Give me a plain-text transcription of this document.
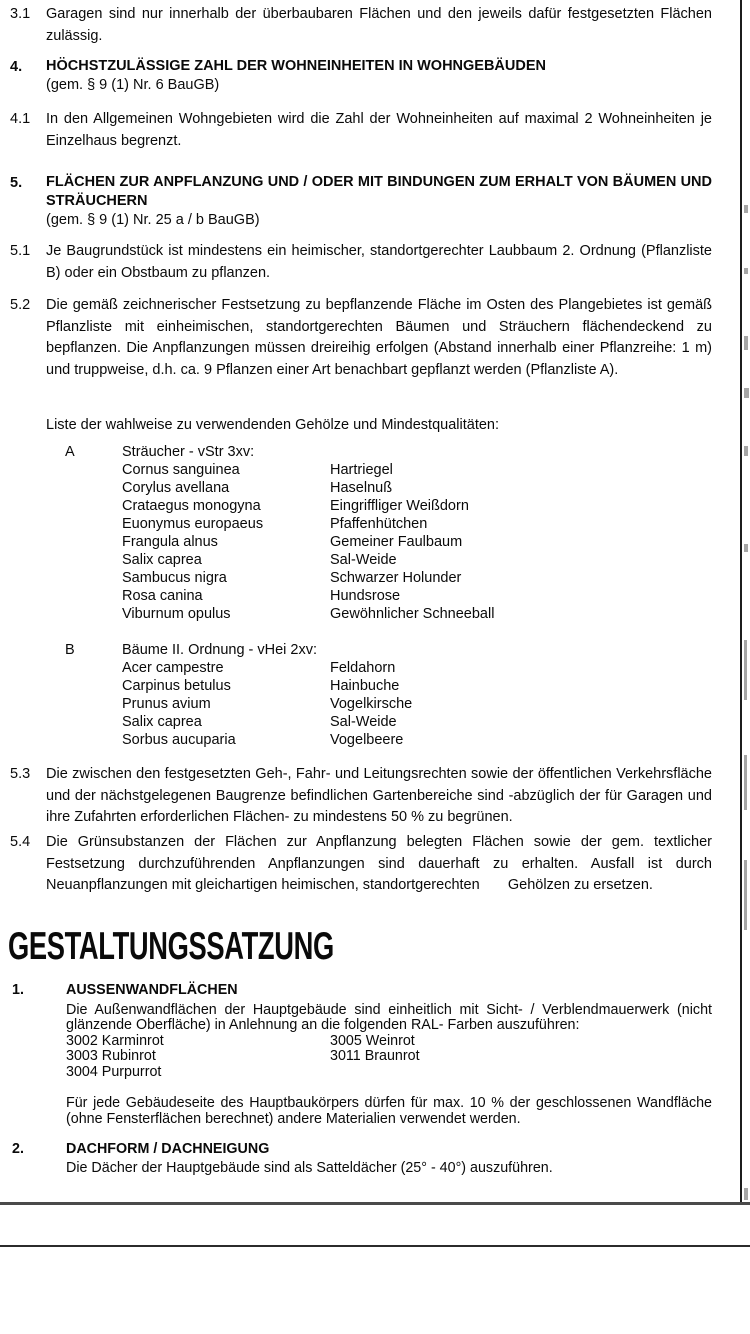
3.1	Garagen sind nur innerhalb der überbaubaren Flächen und den jeweils dafür festgesetzten Flächen zulässig.
4.	HÖCHSTZULÄSSIGE ZAHL DER WOHNEINHEITEN IN WOHNGEBÄUDEN
(gem. § 9 (1) Nr. 6 BauGB)
4.1	In den Allgemeinen Wohngebieten wird die Zahl der Wohneinheiten auf maximal 2 Wohneinheiten je Einzelhaus begrenzt.
5.	FLÄCHEN ZUR ANPFLANZUNG UND / ODER MIT BINDUNGEN ZUM ERHALT VON BÄUMEN UND STRÄUCHERN
(gem. § 9 (1) Nr. 25 a / b BauGB)
5.1	Je Baugrundstück ist mindestens ein heimischer, standortgerechter Laubbaum 2. Ordnung (Pflanzliste B) oder ein Obstbaum zu pflanzen.
5.2	Die gemäß zeichnerischer Festsetzung zu bepflanzende Fläche im Osten des Plangebietes ist gemäß Pflanzliste mit einheimischen, standortgerechten Bäumen und Sträuchern flächendeckend zu bepflanzen. Die Anpflanzungen müssen dreireihig erfolgen (Abstand innerhalb einer Pflanzreihe: 1 m) und truppweise, d.h. ca. 9 Pflanzen einer Art benachbart gepflanzt werden (Pflanzliste A).
Liste der wahlweise zu verwendenden Gehölze und Mindestqualitäten:
A	Sträucher - vStr 3xv:
Cornus sanguinea	Hartriegel
Corylus avellana	Haselnuß
Crataegus monogyna	Eingriffliger Weißdorn
Euonymus europaeus	Pfaffenhütchen
Frangula alnus	Gemeiner Faulbaum
Salix caprea	Sal-Weide
Sambucus nigra	Schwarzer Holunder
Rosa canina	Hundsrose
Viburnum opulus	Gewöhnlicher Schneeball
B	Bäume II. Ordnung - vHei 2xv:
Acer campestre	Feldahorn
Carpinus betulus	Hainbuche
Prunus avium	Vogelkirsche
Salix caprea	Sal-Weide
Sorbus aucuparia	Vogelbeere
5.3	Die zwischen den festgesetzten Geh-, Fahr- und Leitungsrechten sowie der öffentlichen Verkehrsfläche und der nächstgelegenen Baugrenze befindlichen Gartenbereiche sind -abzüglich der für Garagen und ihre Zufahrten erforderlichen Flächen- zu mindestens 50 % zu begrünen.
5.4	Die Grünsubstanzen der Flächen zur Anpflanzung belegten Flächen sowie der gem. textlicher Festsetzung durchzuführenden Anpflanzungen sind dauerhaft zu erhalten. Ausfall ist durch Neuanpflanzungen mit gleichartigen heimischen, standortgerechten       Gehölzen zu ersetzen.
GESTALTUNGSSATZUNG
1.	AUSSENWANDFLÄCHEN
Die Außenwandflächen der Hauptgebäude sind einheitlich mit Sicht- / Verblendmauerwerk (nicht glänzende Oberfläche) in Anlehnung an die folgenden RAL- Farben auszuführen:
3002 Karminrot	3005 Weinrot
3003 Rubinrot	3011 Braunrot
3004 Purpurrot
Für jede Gebäudeseite des Hauptbaukörpers dürfen für max. 10 % der geschlossenen Wandfläche (ohne Fensterflächen berechnet) andere Materialien verwendet werden.
2.	DACHFORM / DACHNEIGUNG
Die Dächer der Hauptgebäude sind als Satteldächer (25° - 40°) auszuführen.
